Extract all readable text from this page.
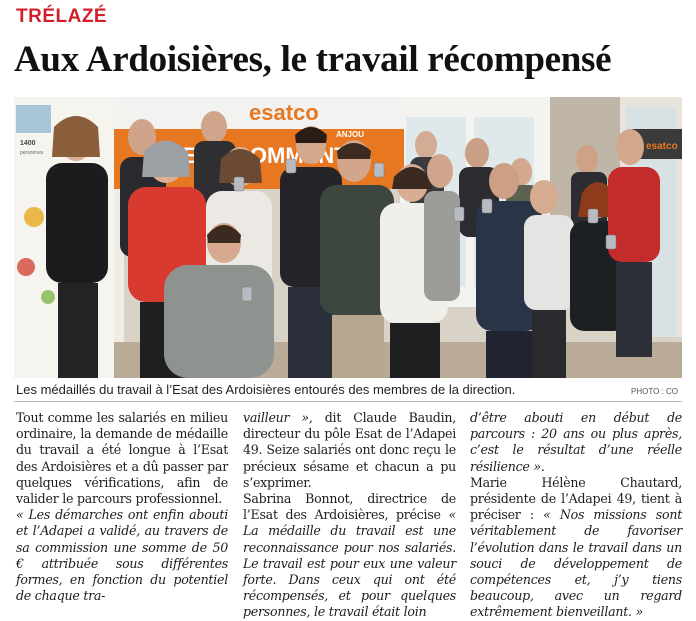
TRÉLAZÉ
Aux Ardoisières, le travail récompensé
1400
personnes
esatco
ANJOU
COMMENT	esatco
Les médaillés du travail à l’Esat des Ardoisières entourés des membres de la direction.	PHOTO : CO

Tout comme les salariés en milieu ordinaire, la demande de médaille du travail a été longue à l’Esat des Ardoisières et a dû passer par quelques vérifications, afin de valider le parcours professionnel.

« Les démarches ont enfin abouti et l’Adapei a validé, au travers de sa commission une somme de 50 € attribuée sous différentes formes, en fonction du potentiel de chaque tra-

vailleur », dit Claude Baudin, directeur du pôle Esat de l’Adapei 49. Seize salariés ont donc reçu le précieux sésame et chacun a pu s’exprimer.

Sabrina Bonnot, directrice de l’Esat des Ardoisières, précise « La médaille du travail est une reconnaissance pour nos salariés. Le travail est pour eux une valeur forte. Dans ceux qui ont été récompensés, et pour quelques personnes, le travail était loin

d’être abouti en début de parcours : 20 ans ou plus après, c’est le résultat d’une réelle résilience ».

Marie Hélène Chautard, présidente de l’Adapei 49, tient à préciser : « Nos missions sont véritablement de favoriser l’évolution dans le travail dans un souci de développement de compétences et, j’y tiens beaucoup, avec un regard extrêmement bienveillant. »
